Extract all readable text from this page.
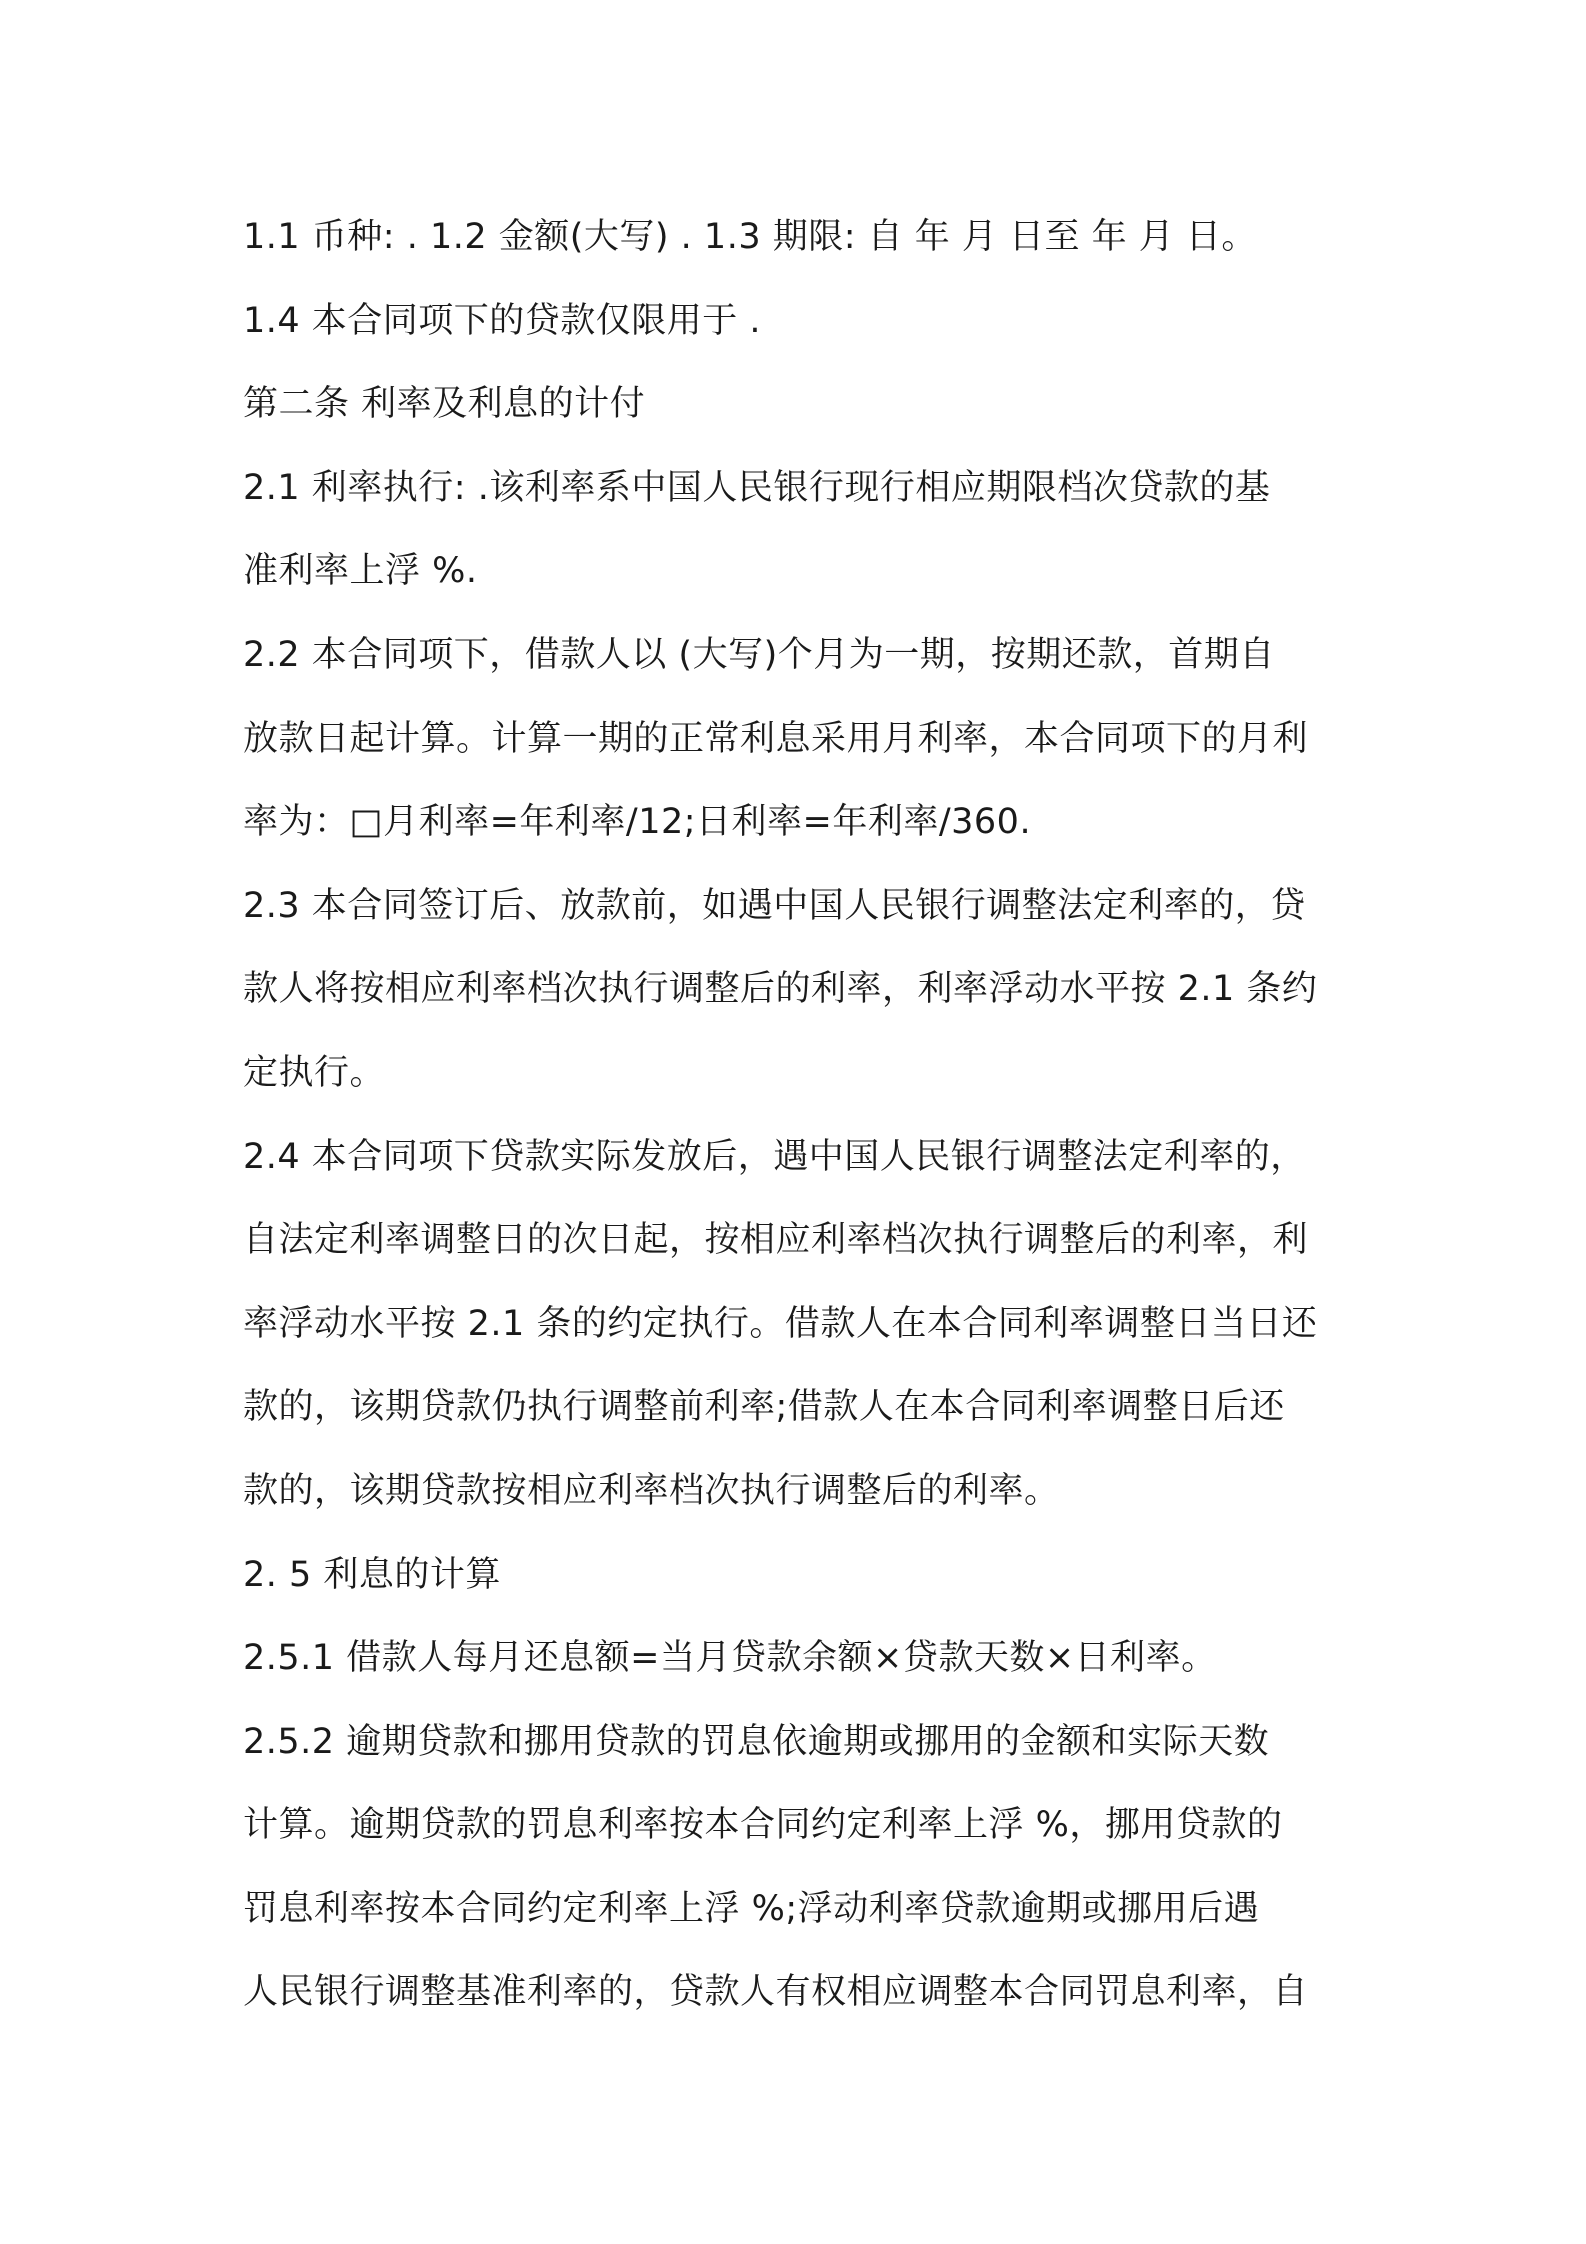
1.1 币种: . 1.2 金额(大写) . 1.3 期限: 自 年 月 日至 年 月 日。
1.4 本合同项下的贷款仅限用于 .
第二条 利率及利息的计付
2.1 利率执行: .该利率系中国人民银行现行相应期限档次贷款的基
准利率上浮 %.
2.2 本合同项下，借款人以 (大写)个月为一期，按期还款，首期自
放款日起计算。计算一期的正常利息采用月利率，本合同项下的月利
率为：□月利率=年利率/12;日利率=年利率/360.
2.3 本合同签订后、放款前，如遇中国人民银行调整法定利率的，贷
款人将按相应利率档次执行调整后的利率，利率浮动水平按 2.1 条约
定执行。
2.4 本合同项下贷款实际发放后，遇中国人民银行调整法定利率的，
自法定利率调整日的次日起，按相应利率档次执行调整后的利率，利
率浮动水平按 2.1 条的约定执行。借款人在本合同利率调整日当日还
款的，该期贷款仍执行调整前利率;借款人在本合同利率调整日后还
款的，该期贷款按相应利率档次执行调整后的利率。
2. 5 利息的计算
2.5.1 借款人每月还息额=当月贷款余额×贷款天数×日利率。
2.5.2 逾期贷款和挪用贷款的罚息依逾期或挪用的金额和实际天数
计算。逾期贷款的罚息利率按本合同约定利率上浮 %，挪用贷款的
罚息利率按本合同约定利率上浮 %;浮动利率贷款逾期或挪用后遇
人民银行调整基准利率的，贷款人有权相应调整本合同罚息利率，自
